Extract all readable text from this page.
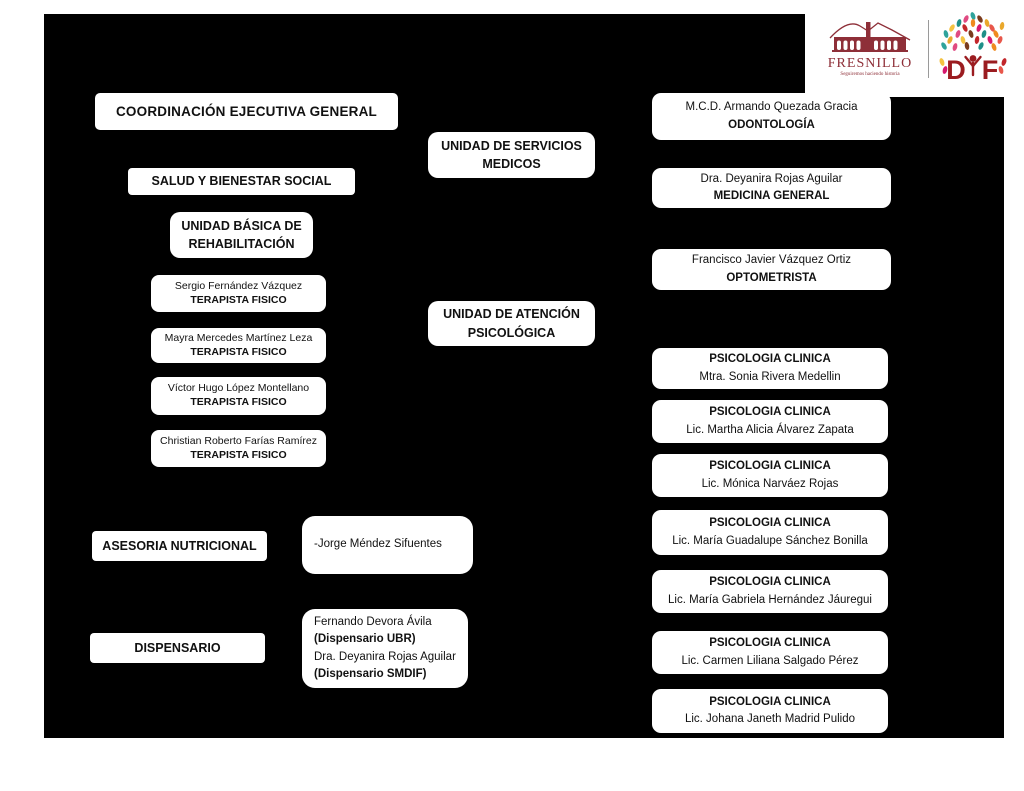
FRESNILLO
Seguiremos haciendo historia D F
COORDINACIÓN EJECUTIVA GENERAL
SALUD Y BIENESTAR SOCIAL
UNIDAD BÁSICA DE
REHABILITACIÓN
Sergio Fernández Vázquez
TERAPISTA FISICO
Mayra Mercedes Martínez Leza
TERAPISTA FISICO
Víctor Hugo López Montellano
TERAPISTA FISICO
Christian Roberto Farías Ramírez
TERAPISTA FISICO
UNIDAD DE SERVICIOS
MEDICOS
UNIDAD DE ATENCIÓN
PSICOLÓGICA
ASESORIA NUTRICIONAL	-Jorge Méndez Sifuentes
DISPENSARIO
Fernando Devora Ávila
(Dispensario UBR)
Dra. Deyanira Rojas Aguilar
(Dispensario SMDIF)
M.C.D. Armando Quezada Gracia
ODONTOLOGÍA
Dra. Deyanira Rojas Aguilar
MEDICINA GENERAL
Francisco Javier Vázquez Ortiz
OPTOMETRISTA
PSICOLOGIA CLINICA
Mtra. Sonia Rivera Medellin
PSICOLOGIA CLINICA
Lic. Martha Alicia Álvarez Zapata
PSICOLOGIA CLINICA
Lic. Mónica Narváez Rojas
PSICOLOGIA CLINICA
Lic. María Guadalupe Sánchez Bonilla
PSICOLOGIA CLINICA
Lic. María Gabriela Hernández Jáuregui
PSICOLOGIA CLINICA
Lic. Carmen Liliana Salgado Pérez
PSICOLOGIA CLINICA
Lic. Johana Janeth Madrid Pulido
